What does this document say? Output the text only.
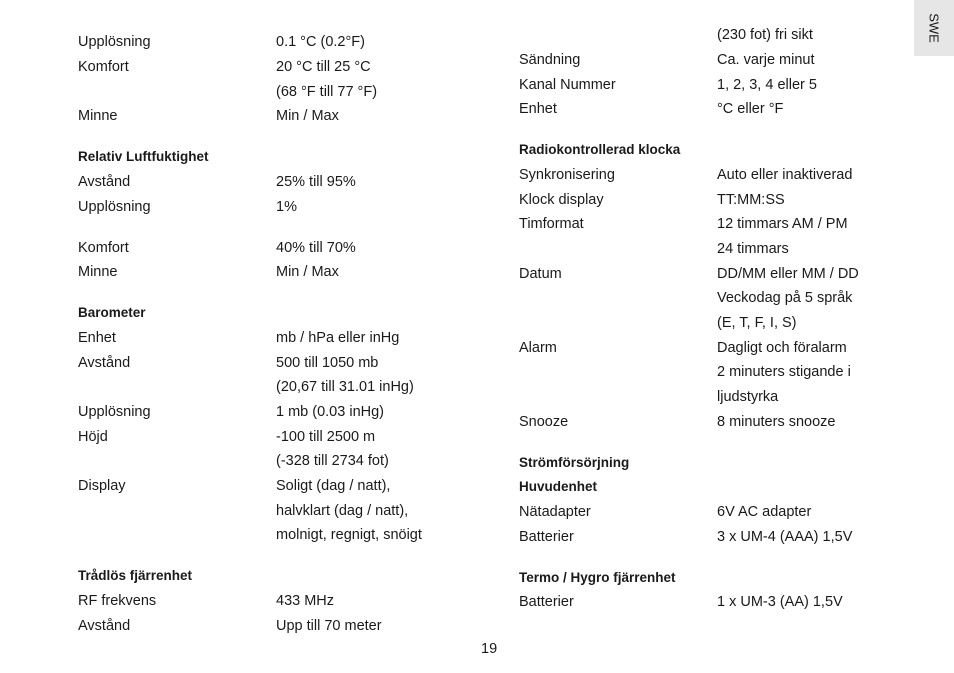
SWE
Upplösning	0.1 °C (0.2°F)
Komfort	20 °C till 25 °C
(68 °F till 77 °F)
Minne	Min / Max
Relativ Luftfuktighet
Avstånd	25% till 95%
Upplösning	1%
Komfort	40% till 70%
Minne	Min / Max
Barometer
Enhet	mb / hPa eller inHg
Avstånd	500 till 1050 mb
(20,67 till 31.01 inHg)
Upplösning	1 mb (0.03 inHg)
Höjd	-100 till 2500 m
(-328 till 2734 fot)
Display	Soligt (dag / natt),
halvklart (dag / natt),
molnigt, regnigt, snöigt
Trådlös fjärrenhet
RF frekvens	433 MHz
Avstånd	Upp till 70 meter
(230 fot) fri sikt
Sändning	Ca. varje minut
Kanal Nummer	1, 2, 3, 4 eller 5
Enhet	°C eller °F
Radiokontrollerad klocka
Synkronisering	Auto eller inaktiverad
Klock display	TT:MM:SS
Timformat	12 timmars AM / PM
24 timmars
Datum	DD/MM eller MM / DD
Veckodag på 5 språk
(E, T, F, I, S)
Alarm	Dagligt och föralarm
2 minuters stigande i
ljudstyrka
Snooze	8 minuters snooze
Strömförsörjning
Huvudenhet
Nätadapter	6V AC adapter
Batterier	3 x UM-4 (AAA) 1,5V
Termo / Hygro fjärrenhet
Batterier	1 x UM-3 (AA) 1,5V
19
